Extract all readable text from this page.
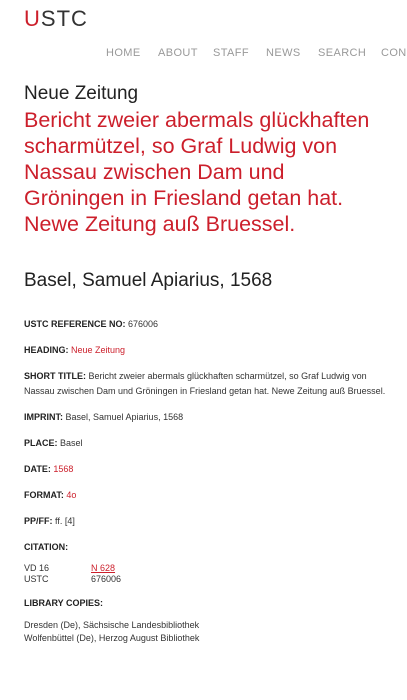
USTC
HOME ABOUT STAFF NEWS SEARCH CON
Neue Zeitung
Bericht zweier abermals glückhaften scharmützel, so Graf Ludwig von Nassau zwischen Dam und Gröningen in Friesland getan hat. Newe Zeitung auß Bruessel.
Basel, Samuel Apiarius, 1568
USTC REFERENCE NO: 676006
HEADING: Neue Zeitung
SHORT TITLE: Bericht zweier abermals glückhaften scharmützel, so Graf Ludwig von Nassau zwischen Dam und Gröningen in Friesland getan hat. Newe Zeitung auß Bruessel.
IMPRINT: Basel, Samuel Apiarius, 1568
PLACE: Basel
DATE: 1568
FORMAT: 4o
PP/FF: ff. [4]
CITATION:
VD 16	N 628
USTC	676006
LIBRARY COPIES:
Dresden (De), Sächsische Landesbibliothek
Wolfenbüttel (De), Herzog August Bibliothek
